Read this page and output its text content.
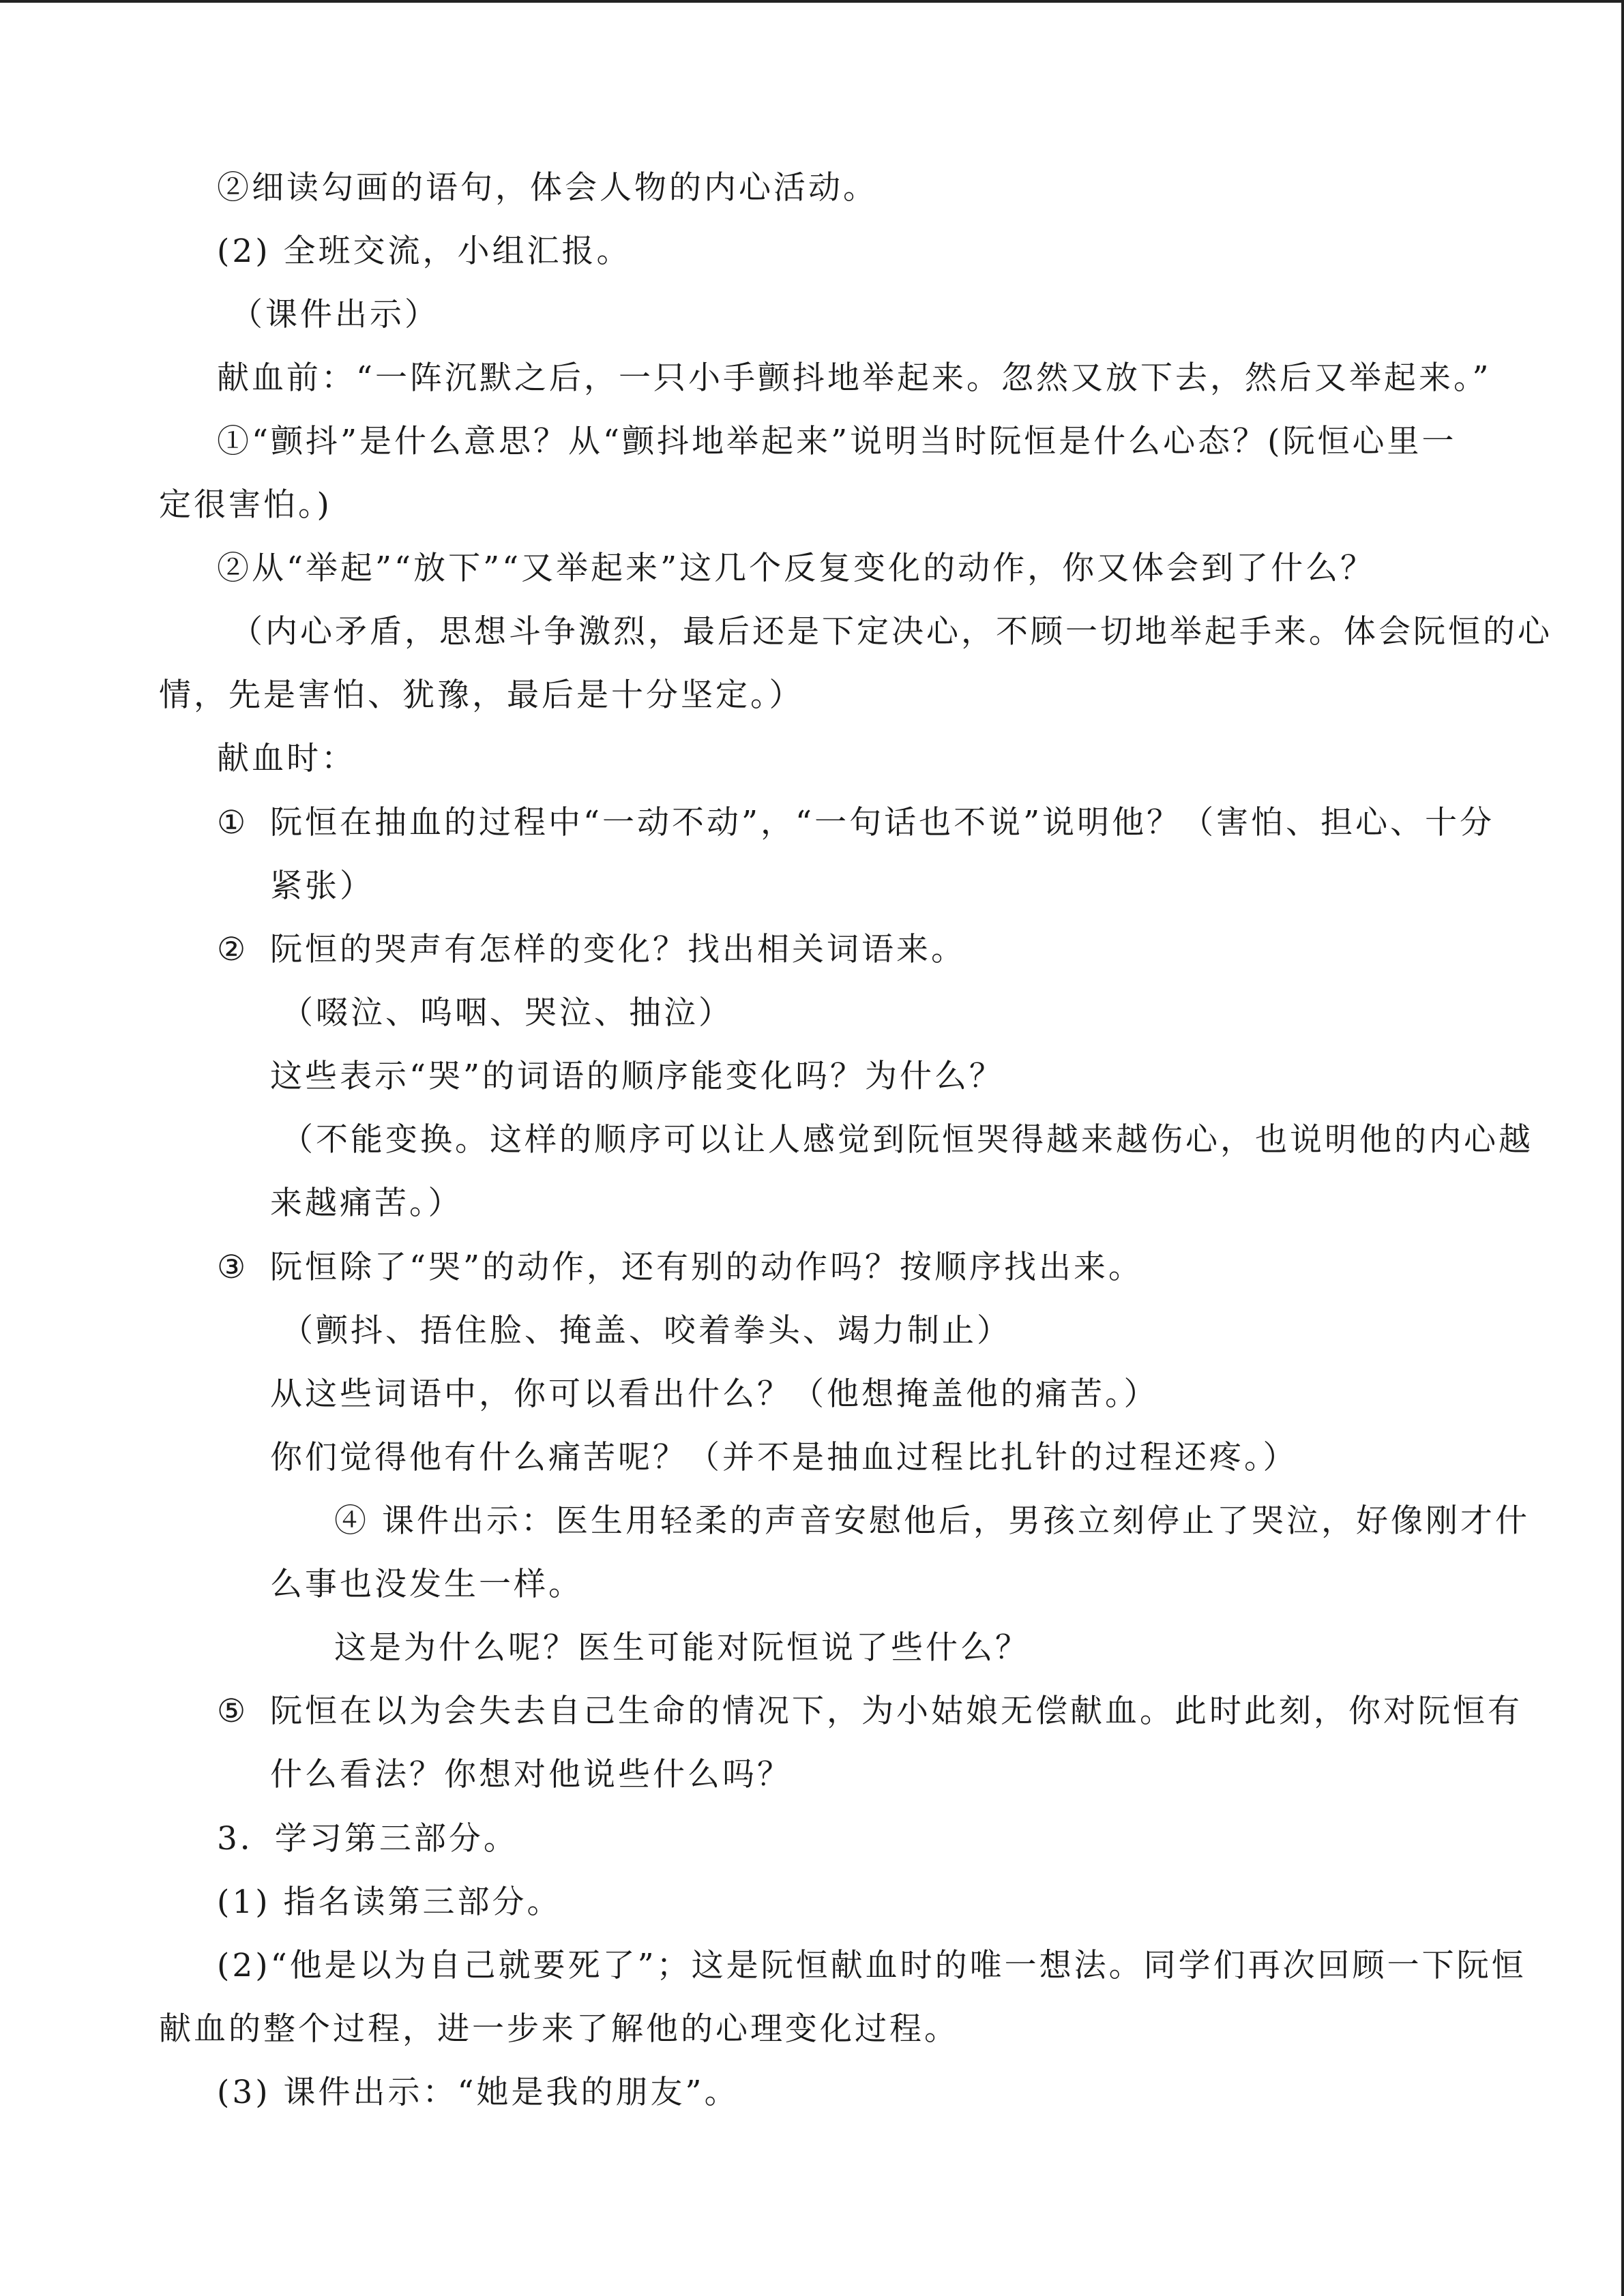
②细读勾画的语句，体会人物的内心活动。
(2) 全班交流，小组汇报。
（课件出示）
献血前：“一阵沉默之后，一只小手颤抖地举起来。忽然又放下去，然后又举起来。”
①“颤抖”是什么意思？从“颤抖地举起来”说明当时阮恒是什么心态？(阮恒心里一
定很害怕。)
②从“举起”“放下”“又举起来”这几个反复变化的动作，你又体会到了什么？
（内心矛盾，思想斗争激烈，最后还是下定决心，不顾一切地举起手来。体会阮恒的心
情，先是害怕、犹豫，最后是十分坚定。）
献血时：
① 阮恒在抽血的过程中“一动不动”，“一句话也不说”说明他？（害怕、担心、十分
紧张）
② 阮恒的哭声有怎样的变化？找出相关词语来。
（啜泣、呜咽、哭泣、抽泣）
这些表示“哭”的词语的顺序能变化吗？为什么？
（不能变换。这样的顺序可以让人感觉到阮恒哭得越来越伤心，也说明他的内心越
来越痛苦。）
③ 阮恒除了“哭”的动作，还有别的动作吗？按顺序找出来。
（颤抖、捂住脸、掩盖、咬着拳头、竭力制止）
从这些词语中，你可以看出什么？（他想掩盖他的痛苦。）
你们觉得他有什么痛苦呢？（并不是抽血过程比扎针的过程还疼。）
④ 课件出示：医生用轻柔的声音安慰他后，男孩立刻停止了哭泣，好像刚才什
么事也没发生一样。
这是为什么呢？医生可能对阮恒说了些什么？
⑤ 阮恒在以为会失去自己生命的情况下，为小姑娘无偿献血。此时此刻，你对阮恒有
什么看法？你想对他说些什么吗？
3．学习第三部分。
(1) 指名读第三部分。
(2)“他是以为自己就要死了”；这是阮恒献血时的唯一想法。同学们再次回顾一下阮恒
献血的整个过程，进一步来了解他的心理变化过程。
(3) 课件出示：“她是我的朋友”。
